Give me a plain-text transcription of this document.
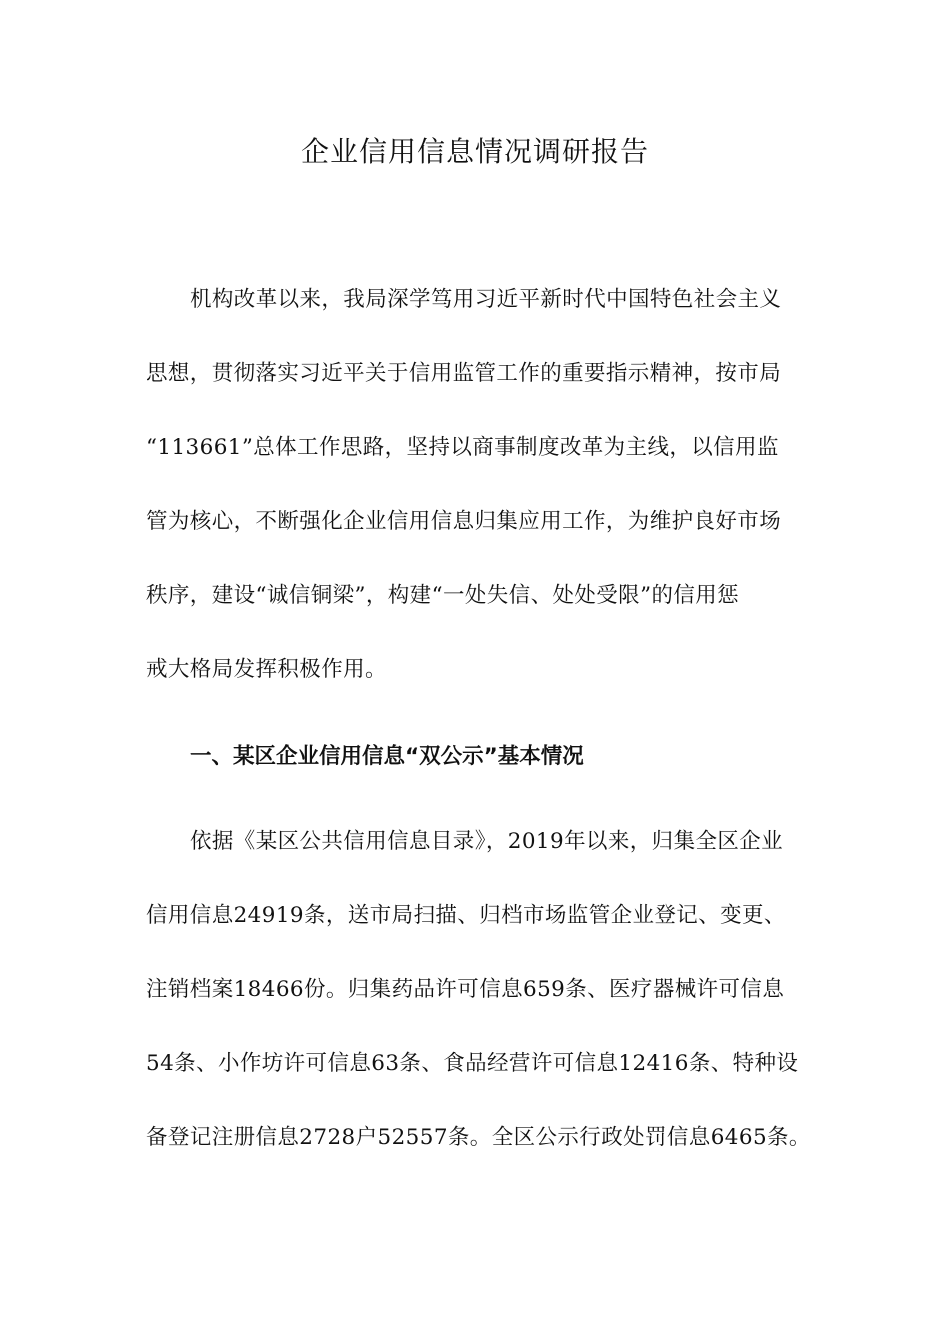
企业信用信息情况调研报告

机构改革以来，我局深学笃用习近平新时代中国特色社会主义

思想，贯彻落实习近平关于信用监管工作的重要指示精神，按市局

“113661”总体工作思路，坚持以商事制度改革为主线，以信用监

管为核心，不断强化企业信用信息归集应用工作，为维护良好市场

秩序，建设“诚信铜梁”，构建“一处失信、处处受限”的信用惩

戒大格局发挥积极作用。

一、某区企业信用信息“双公示”基本情况

依据《某区公共信用信息目录》，2019年以来，归集全区企业

信用信息24919条，送市局扫描、归档市场监管企业登记、变更、

注销档案18466份。归集药品许可信息659条、医疗器械许可信息

54条、小作坊许可信息63条、食品经营许可信息12416条、特种设

备登记注册信息2728户52557条。全区公示行政处罚信息6465条。
